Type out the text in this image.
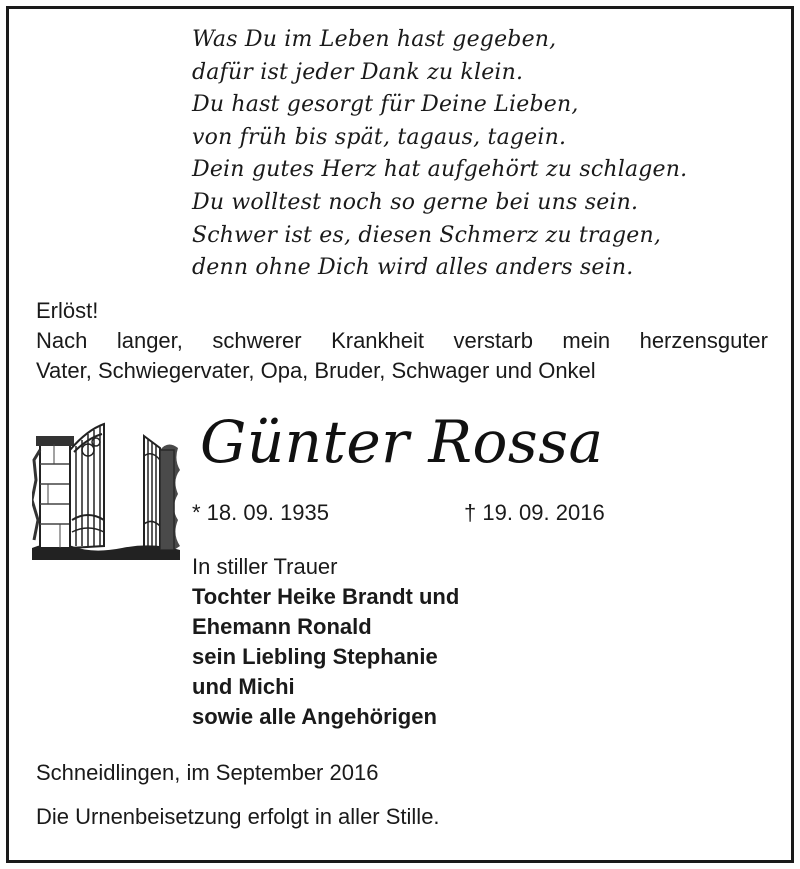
Was Du im Leben hast gegeben,
dafür ist jeder Dank zu klein.
Du hast gesorgt für Deine Lieben,
von früh bis spät, tagaus, tagein.
Dein gutes Herz hat aufgehört zu schlagen.
Du wolltest noch so gerne bei uns sein.
Schwer ist es, diesen Schmerz zu tragen,
denn ohne Dich wird alles anders sein.
Erlöst!
Nach langer, schwerer Krankheit verstarb mein herzensguter
Vater, Schwiegervater, Opa, Bruder, Schwager und Onkel
Günter Rossa
* 18. 09. 1935	† 19. 09. 2016
In stiller Trauer
Tochter Heike Brandt und
Ehemann Ronald
sein Liebling Stephanie
und Michi
sowie alle Angehörigen
Schneidlingen, im September 2016
Die Urnenbeisetzung erfolgt in aller Stille.
